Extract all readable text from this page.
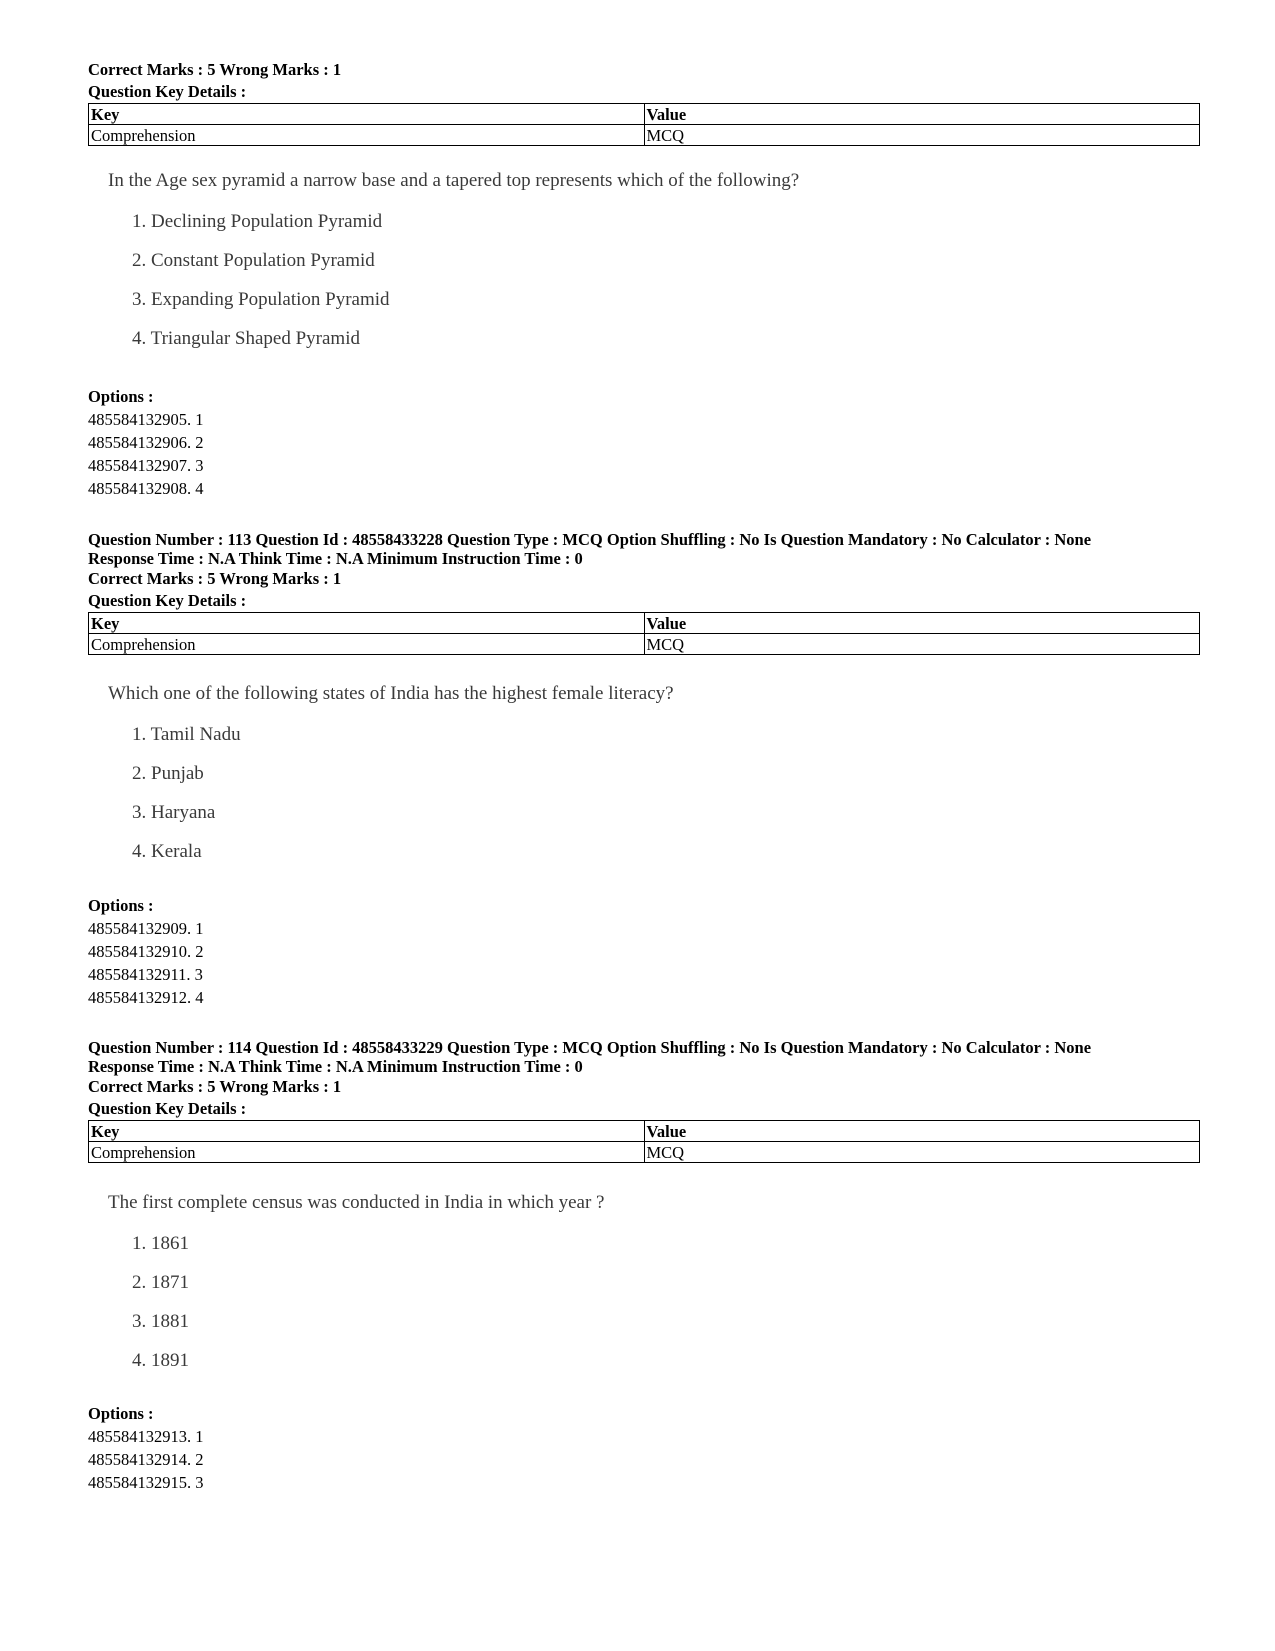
Correct Marks : 5 Wrong Marks : 1
Question Key Details :
Key	Value
Comprehension	MCQ
In the Age sex pyramid a narrow base and a tapered top represents which of the following?
1. Declining Population Pyramid
2. Constant Population Pyramid
3. Expanding Population Pyramid
4. Triangular Shaped Pyramid
Options :
485584132905. 1
485584132906. 2
485584132907. 3
485584132908. 4
Question Number : 113 Question Id : 48558433228 Question Type : MCQ Option Shuffling : No Is Question Mandatory : No Calculator : None
Response Time : N.A Think Time : N.A Minimum Instruction Time : 0
Correct Marks : 5 Wrong Marks : 1
Question Key Details :
Key	Value
Comprehension	MCQ
Which one of the following states of India has the highest female literacy?
1. Tamil Nadu
2. Punjab
3. Haryana
4. Kerala
Options :
485584132909. 1
485584132910. 2
485584132911. 3
485584132912. 4
Question Number : 114 Question Id : 48558433229 Question Type : MCQ Option Shuffling : No Is Question Mandatory : No Calculator : None
Response Time : N.A Think Time : N.A Minimum Instruction Time : 0
Correct Marks : 5 Wrong Marks : 1
Question Key Details :
Key	Value
Comprehension	MCQ
The first complete census was conducted in India in which year ?
1. 1861
2. 1871
3. 1881
4. 1891
Options :
485584132913. 1
485584132914. 2
485584132915. 3
